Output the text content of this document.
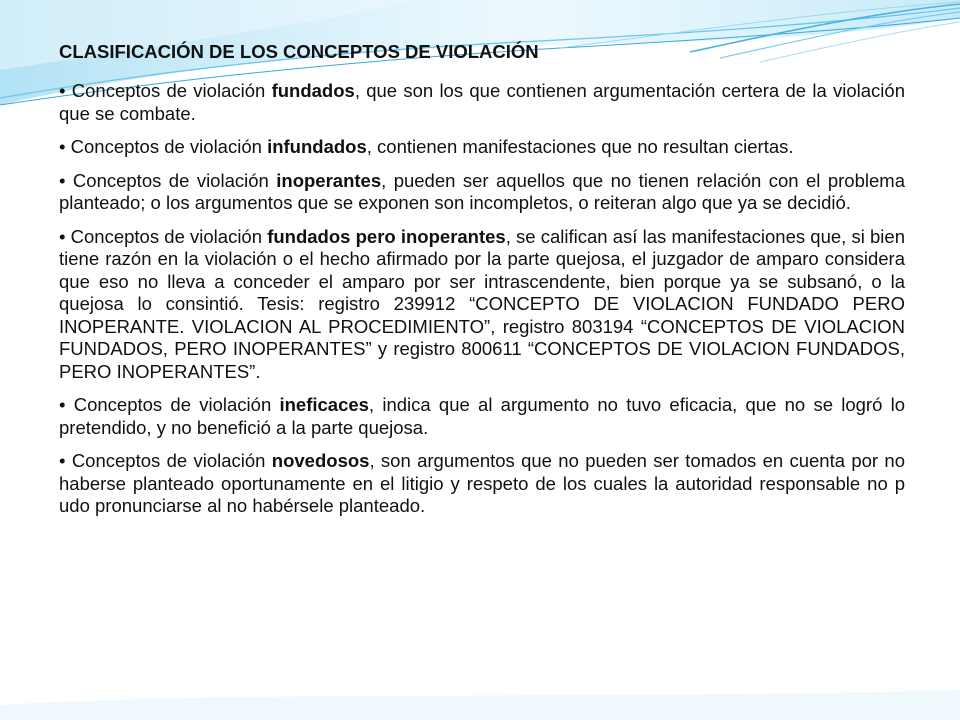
CLASIFICACIÓN DE LOS CONCEPTOS DE VIOLACIÓN

• Conceptos de violación fundados, que son los que contienen argumentación certera de la violación que se combate.

• Conceptos de violación infundados, contienen manifestaciones que no resultan ciertas.

• Conceptos de violación inoperantes, pueden ser aquellos que no tienen relación con el problema planteado; o los argumentos que se exponen son incompletos, o reiteran algo que ya se decidió.

• Conceptos de violación fundados pero inoperantes, se califican así las manifestaciones que, si bien tiene razón en la violación o el hecho afirmado por la parte quejosa, el juzgador de amparo considera que eso no lleva a conceder el amparo por ser intrascendente, bien porque ya se subsanó, o la quejosa lo consintió. Tesis: registro 239912 “CONCEPTO DE VIOLACION FUNDADO PERO INOPERANTE. VIOLACION AL PROCEDIMIENTO”, registro 803194 “CONCEPTOS DE VIOLACION FUNDADOS, PERO INOPERANTES” y registro 800611 “CONCEPTOS DE VIOLACION FUNDADOS, PERO INOPERANTES”.

• Conceptos de violación ineficaces, indica que al argumento no tuvo eficacia, que no se logró lo pretendido, y no benefició a la parte quejosa.

• Conceptos de violación novedosos, son argumentos que no pueden ser tomados en cuenta por no haberse planteado oportunamente en el litigio y respeto de los cuales la autoridad responsable no p udo pronunciarse al no habérsele planteado.
